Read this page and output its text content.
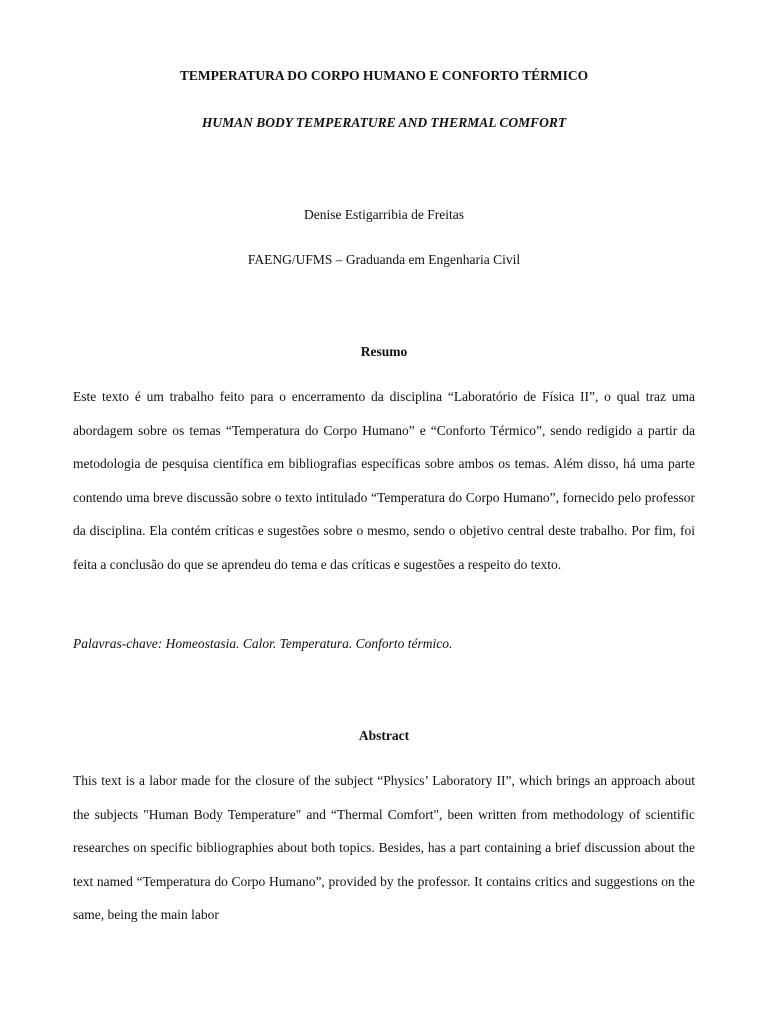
TEMPERATURA DO CORPO HUMANO E CONFORTO TÉRMICO

HUMAN BODY TEMPERATURE AND THERMAL COMFORT

Denise Estigarribia de Freitas

FAENG/UFMS – Graduanda em Engenharia Civil

Resumo

Este texto é um trabalho feito para o encerramento da disciplina “Laboratório de Física II”, o qual traz uma abordagem sobre os temas “Temperatura do Corpo Humano” e “Conforto Térmico”, sendo redigido a partir da metodologia de pesquisa científica em bibliografias específicas sobre ambos os temas. Além disso, há uma parte contendo uma breve discussão sobre o texto intitulado “Temperatura do Corpo Humano”, fornecido pelo professor da disciplina. Ela contém críticas e sugestões sobre o mesmo, sendo o objetivo central deste trabalho. Por fim, foi feita a conclusão do que se aprendeu do tema e das críticas e sugestões a respeito do texto.

Palavras-chave: Homeostasia. Calor. Temperatura. Conforto térmico.

Abstract

This text is a labor made for the closure of the subject “Physics’ Laboratory II”, which brings an approach about the subjects "Human Body Temperature" and “Thermal Comfort", been written from methodology of scientific researches on specific bibliographies about both topics. Besides, has a part containing a brief discussion about the text named “Temperatura do Corpo Humano”, provided by the professor. It contains critics and suggestions on the same, being the main labor
